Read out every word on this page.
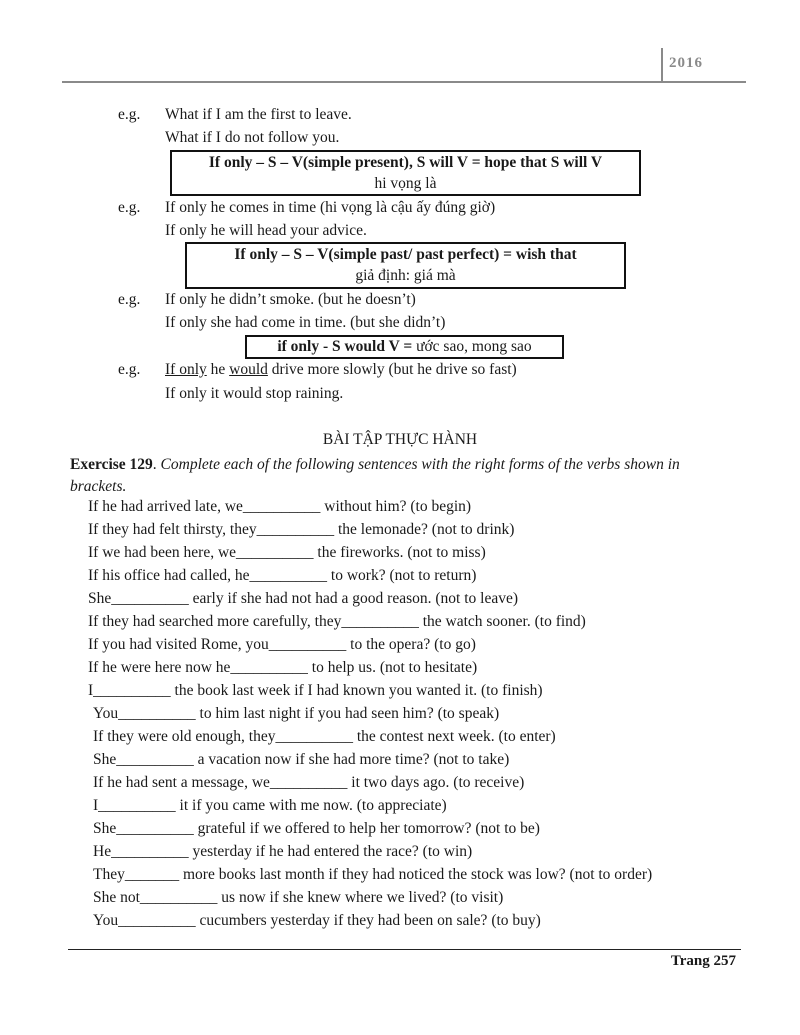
2016
e.g. What if I am the first to leave.
What if I do not follow you.
If only – S – V(simple present), S will V = hope that S will V
hi vọng là
e.g. If only he comes in time (hi vọng là cậu ấy đúng giờ)
If only he will head your advice.
If only – S – V(simple past/ past perfect) = wish that
giả định: giá mà
e.g. If only he didn’t smoke. (but he doesn’t)
If only she had come in time. (but she didn’t)
if only - S would V = ước sao, mong sao
e.g. If only he would drive more slowly (but he drive so fast)
If only it would stop raining.
BÀI TẬP THỰC HÀNH
Exercise 129. Complete each of the following sentences with the right forms of the verbs shown in brackets.
If he had arrived late, we__________ without him? (to begin)
If they had felt thirsty, they__________ the lemonade? (not to drink)
If we had been here, we__________ the fireworks. (not to miss)
If his office had called, he__________ to work? (not to return)
She__________ early if she had not had a good reason. (not to leave)
If they had searched more carefully, they__________ the watch sooner. (to find)
If you had visited Rome, you__________ to the opera? (to go)
If he were here now he__________ to help us. (not to hesitate)
I__________ the book last week if I had known you wanted it. (to finish)
You__________ to him last night if you had seen him? (to speak)
If they were old enough, they__________ the contest next week. (to enter)
She__________ a vacation now if she had more time? (not to take)
If he had sent a message, we__________ it two days ago. (to receive)
I__________ it if you came with me now. (to appreciate)
She__________ grateful if we offered to help her tomorrow? (not to be)
He__________ yesterday if he had entered the race? (to win)
They_______ more books last month if they had noticed the stock was low? (not to order)
She not__________ us now if she knew where we lived? (to visit)
You__________ cucumbers yesterday if they had been on sale? (to buy)
Trang 257
